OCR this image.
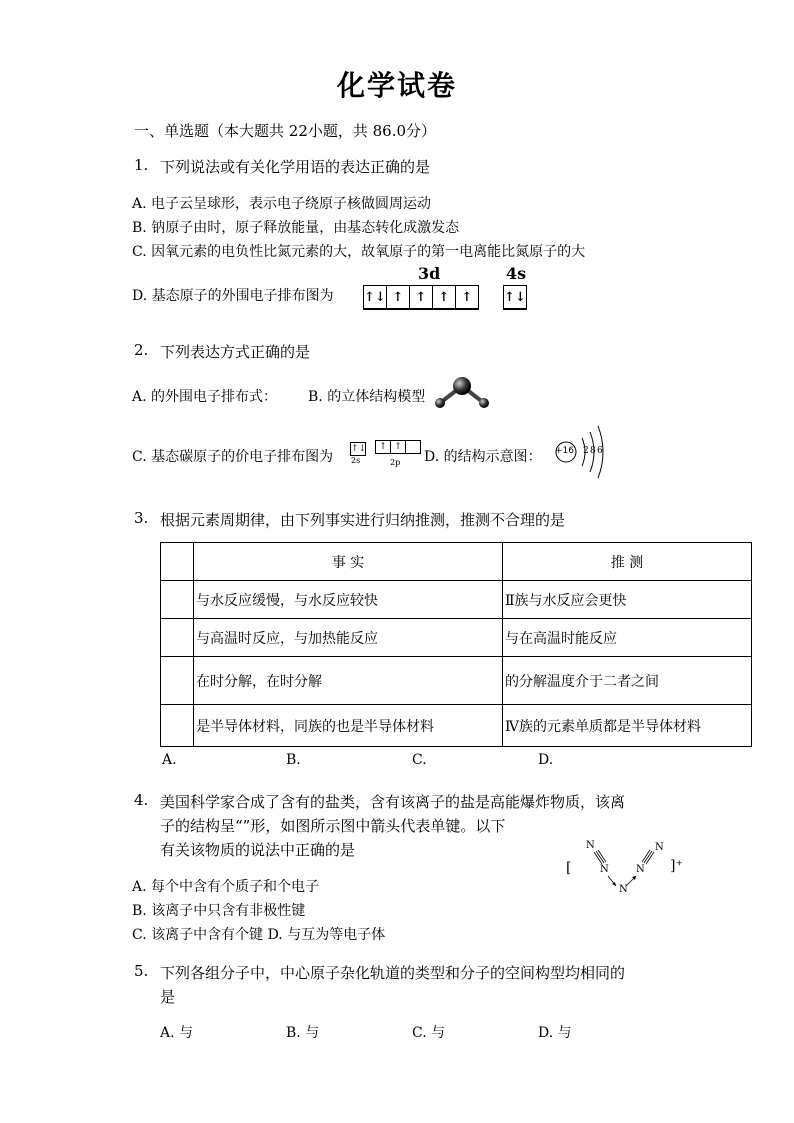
化学试卷
一、单选题（本大题共 22小题，共 86.0分）
1. 下列说法或有关化学用语的表达正确的是
A. 电子云呈球形，表示电子绕原子核做圆周运动
B. 钠原子由时，原子释放能量，由基态转化成激发态
C. 因氧元素的电负性比氮元素的大，故氧原子的第一电离能比氮原子的大
D. 基态原子的外围电子排布图为
3d	4s
↑↓ ↑ ↑ ↑ ↑	↑↓
2. 下列表达方式正确的是
A. 的外围电子排布式： B. 的立体结构模型
C. 基态碳原子的价电子排布图为 ↑↓
2s
↑ ↑
2p D. 的结构示意图： +16 2 8 6
3. 根据元素周期律，由下列事实进行归纳推测，推测不合理的是
	事 实	推 测
	与水反应缓慢，与水反应较快	Ⅱ族与水反应会更快
	与高温时反应，与加热能反应	与在高温时能反应
	在时分解，在时分解	的分解温度介于二者之间
	是半导体材料，同族的也是半导体材料	Ⅳ族的元素单质都是半导体材料
A.	B.	C.	D.
4. 美国科学家合成了含有的盐类，含有该离子的盐是高能爆炸物质，该离
子的结构呈“”形，如图所示图中箭头代表单键。以下
有关该物质的说法中正确的是
[	]⁺
N
N
N
N
N
A. 每个中含有个质子和个电子
B. 该离子中只含有非极性键
C. 该离子中含有个键 D. 与互为等电子体
5. 下列各组分子中，中心原子杂化轨道的类型和分子的空间构型均相同的
是
A. 与	B. 与	C. 与	D. 与
